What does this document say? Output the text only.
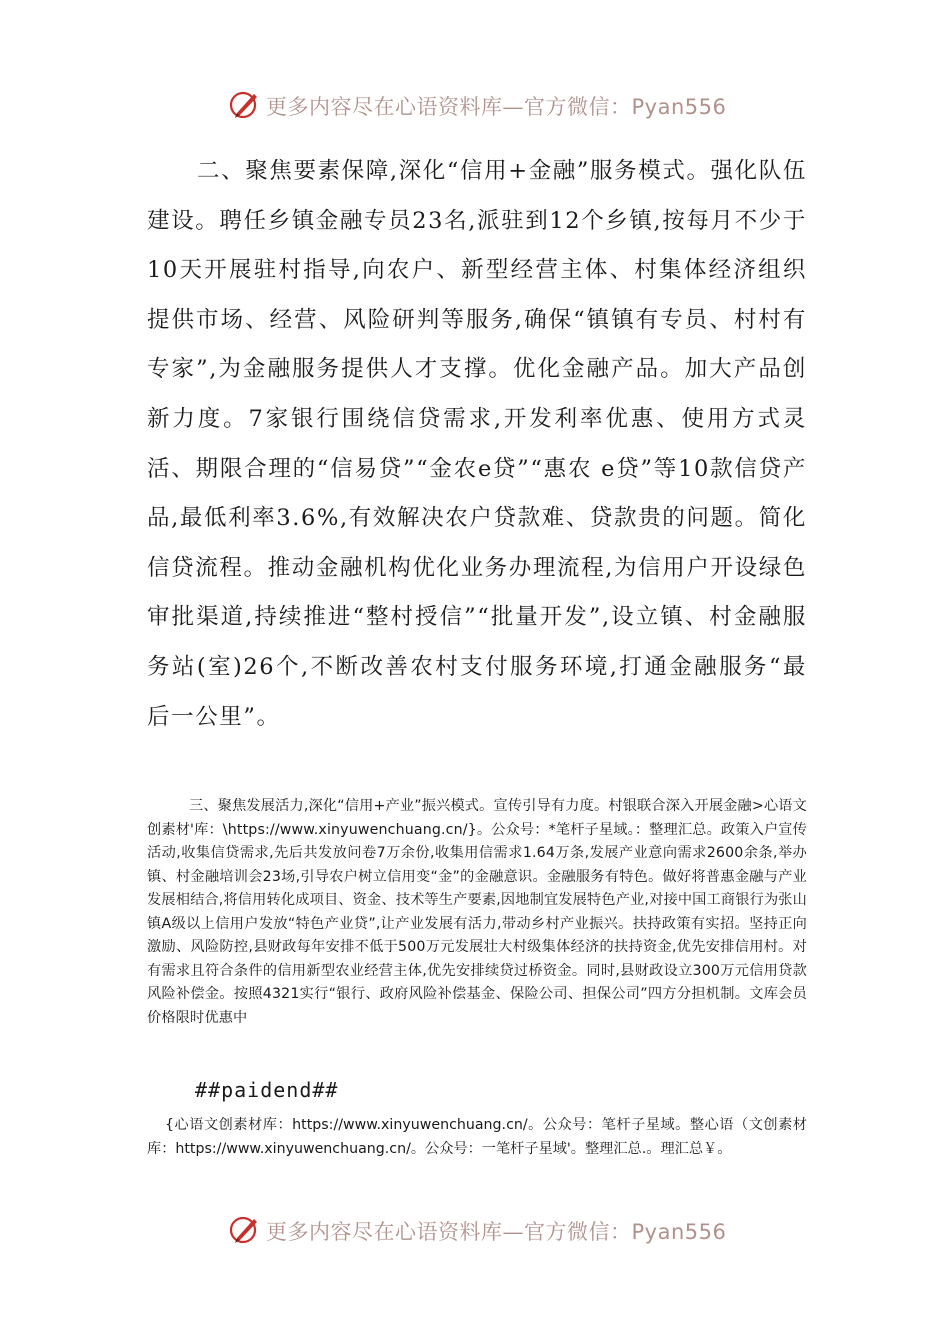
更多内容尽在心语资料库—官方微信：Pyan556

二、聚焦要素保障,深化“信用+金融”服务模式。强化队伍建设。聘任乡镇金融专员23名,派驻到12个乡镇,按每月不少于10天开展驻村指导,向农户、新型经营主体、村集体经济组织提供市场、经营、风险研判等服务,确保“镇镇有专员、村村有专家”,为金融服务提供人才支撑。优化金融产品。加大产品创新力度。7家银行围绕信贷需求,开发利率优惠、使用方式灵活、期限合理的“信易贷”“金农e贷”“惠农 e贷”等10款信贷产品,最低利率3.6%,有效解决农户贷款难、贷款贵的问题。简化信贷流程。推动金融机构优化业务办理流程,为信用户开设绿色审批渠道,持续推进“整村授信”“批量开发”,设立镇、村金融服务站(室)26个,不断改善农村支付服务环境,打通金融服务“最后一公里”。

三、聚焦发展活力,深化“信用+产业”振兴模式。宣传引导有力度。村银联合深入开展金融>心语文创素材'库：\https://www.xinyuwenchuang.cn/}。公众号：*笔杆子星域。：整理汇总。政策入户宣传活动,收集信贷需求,先后共发放问卷7万余份,收集用信需求1.64万条,发展产业意向需求2600余条,举办镇、村金融培训会23场,引导农户树立信用变“金”的金融意识。金融服务有特色。做好将普惠金融与产业发展相结合,将信用转化成项目、资金、技术等生产要素,因地制宜发展特色产业,对接中国工商银行为张山镇A级以上信用户发放“特色产业贷”,让产业发展有活力,带动乡村产业振兴。扶持政策有实招。坚持正向激励、风险防控,县财政每年安排不低于500万元发展壮大村级集体经济的扶持资金,优先安排信用村。对有需求且符合条件的信用新型农业经营主体,优先安排续贷过桥资金。同时,县财政设立300万元信用贷款风险补偿金。按照4321实行“银行、政府风险补偿基金、保险公司、担保公司”四方分担机制。文库会员价格限时优惠中

##paidend##

{心语文创素材库：https://www.xinyuwenchuang.cn/。公众号：笔杆子星域。整心语（文创素材库：https://www.xinyuwenchuang.cn/。公众号：一笔杆子星域'。整理汇总.。理汇总￥。

更多内容尽在心语资料库—官方微信：Pyan556
